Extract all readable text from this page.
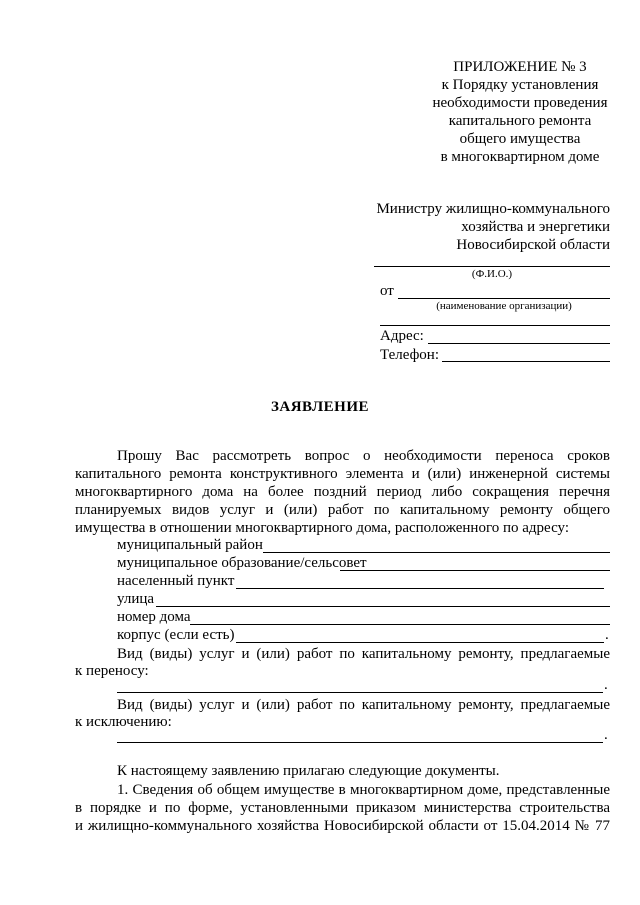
ПРИЛОЖЕНИЕ № 3
к Порядку установления
необходимости проведения
капитального ремонта
общего имущества
в многоквартирном доме
Министру жилищно-коммунального
хозяйства и энергетики
Новосибирской области
(Ф.И.О.)
от
(наименование организации)
Адрес:
Телефон:
ЗАЯВЛЕНИЕ
Прошу Вас рассмотреть вопрос о необходимости переноса сроков
капитального ремонта конструктивного элемента и (или) инженерной системы
многоквартирного дома на более поздний период либо сокращения перечня
планируемых видов услуг и (или) работ по капитальному ремонту общего
имущества в отношении многоквартирного дома, расположенного по адресу:
муниципальный район
муниципальное образование/сельсовет
населенный пункт
улица
номер дома
корпус (если есть)	.
Вид (виды) услуг и (или) работ по капитальному ремонту, предлагаемые
к переносу:
.
Вид (виды) услуг и (или) работ по капитальному ремонту, предлагаемые
к исключению:
.
К настоящему заявлению прилагаю следующие документы.
1. Сведения об общем имуществе в многоквартирном доме, представленные
в порядке и по форме, установленными приказом министерства строительства
и жилищно-коммунального хозяйства Новосибирской области от 15.04.2014 № 77
